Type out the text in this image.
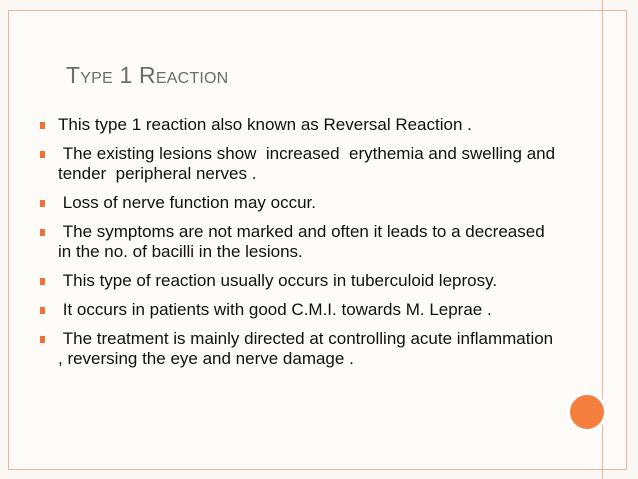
Type 1 Reaction
This type 1 reaction also known as Reversal Reaction .
The existing lesions show  increased  erythemia and swelling and tender  peripheral nerves .
Loss of nerve function may occur.
The symptoms are not marked and often it leads to a decreased in the no. of bacilli in the lesions.
This type of reaction usually occurs in tuberculoid leprosy.
It occurs in patients with good C.M.I. towards M. Leprae .
The treatment is mainly directed at controlling acute inflammation  , reversing the eye and nerve damage .
